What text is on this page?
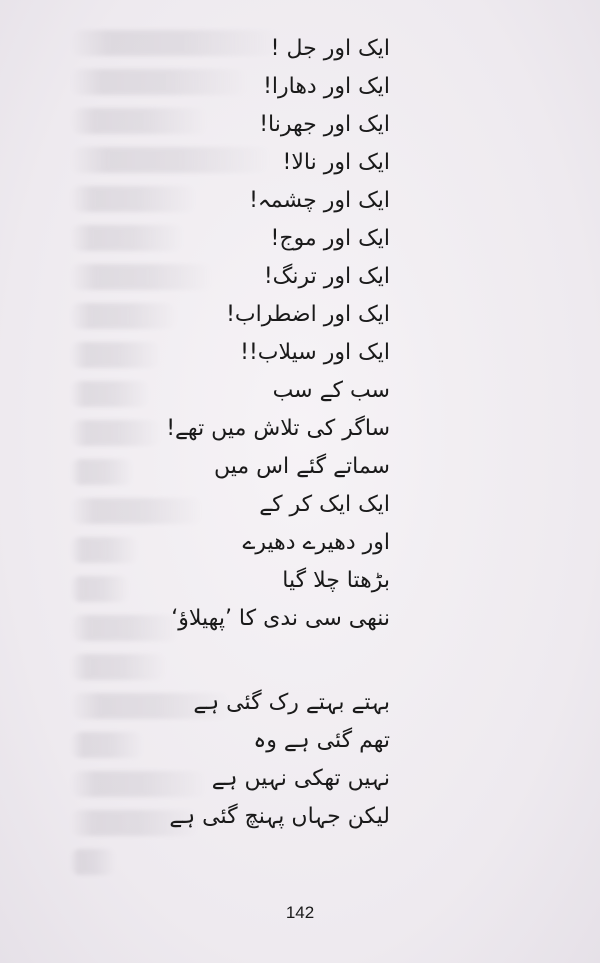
ایک اور جل !
ایک اور دھارا!
ایک اور جھرنا!
ایک اور نالا!
ایک اور چشمہ!
ایک اور موج!
ایک اور ترنگ!
ایک اور اضطراب!
ایک اور سیلاب!!
سب کے سب
ساگر کی تلاش میں تھے!
سماتے گئے اس میں
ایک ایک کر کے
اور دھیرے دھیرے
بڑھتا چلا گیا
ننھی سی ندی کا ’پھیلاؤ‘
بہتے بہتے رک گئی ہے
تھم گئی ہے وہ
نہیں تھکی نہیں ہے
لیکن جہاں پہنچ گئی ہے
142
